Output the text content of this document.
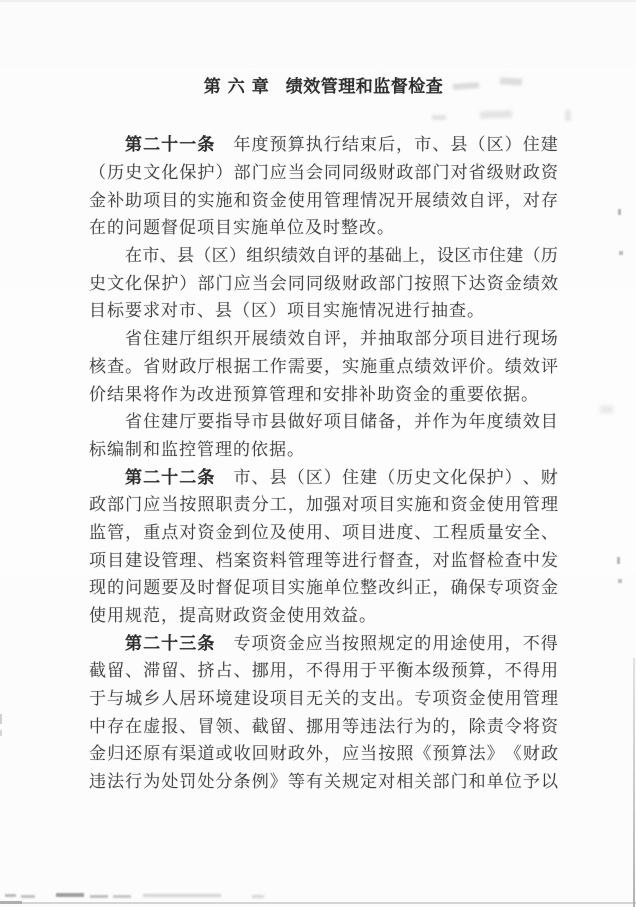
第六章 绩效管理和监督检查
第 二 十 一 条
　 年 度 预 算 执 行 结 束 后 ， 市 、 县 （ 区 ） 住 建
（ 历 史 文 化 保 护 ） 部 门 应 当 会 同 同 级 财 政 部 门 对 省 级 财 政 资
金 补 助 项 目 的 实 施 和 资 金 使 用 管 理 情 况 开 展 绩 效 自 评 ， 对 存
在 的 问 题 督 促 项 目 实 施 单 位 及 时 整 改 。
在 市 、 县 （ 区 ） 组 织 绩 效 自 评 的 基 础 上 ， 设 区 市 住 建 （ 历
史 文 化 保 护 ） 部 门 应 当 会 同 同 级 财 政 部 门 按 照 下 达 资 金 绩 效
目 标 要 求 对 市 、 县 （ 区 ） 项 目 实 施 情 况 进 行 抽 查 。
省 住 建 厅 组 织 开 展 绩 效 自 评 ， 并 抽 取 部 分 项 目 进 行 现 场
核 查 。 省 财 政 厅 根 据 工 作 需 要 ， 实 施 重 点 绩 效 评 价 。 绩 效 评
价 结 果 将 作 为 改 进 预 算 管 理 和 安 排 补 助 资 金 的 重 要 依 据 。
省 住 建 厅 要 指 导 市 县 做 好 项 目 储 备 ， 并 作 为 年 度 绩 效 目
标 编 制 和 监 控 管 理 的 依 据 。
第 二 十 二 条
　 市 、 县 （ 区 ） 住 建 （ 历 史 文 化 保 护 ） 、 财
政 部 门 应 当 按 照 职 责 分 工 ， 加 强 对 项 目 实 施 和 资 金 使 用 管 理
监 管 ， 重 点 对 资 金 到 位 及 使 用 、 项 目 进 度 、 工 程 质 量 安 全 、
项 目 建 设 管 理 、 档 案 资 料 管 理 等 进 行 督 查 ， 对 监 督 检 查 中 发
现 的 问 题 要 及 时 督 促 项 目 实 施 单 位 整 改 纠 正 ， 确 保 专 项 资 金
使 用 规 范 ， 提 高 财 政 资 金 使 用 效 益 。
第 二 十 三 条
　 专 项 资 金 应 当 按 照 规 定 的 用 途 使 用 ， 不 得
截 留 、 滞 留 、 挤 占 、 挪 用 ， 不 得 用 于 平 衡 本 级 预 算 ， 不 得 用
于 与 城 乡 人 居 环 境 建 设 项 目 无 关 的 支 出 。 专 项 资 金 使 用 管 理
中 存 在 虚 报 、 冒 领 、 截 留 、 挪 用 等 违 法 行 为 的 ， 除 责 令 将 资
金 归 还 原 有 渠 道 或 收 回 财 政 外 ， 应 当 按 照 《 预 算 法 》 《 财 政
违 法 行 为 处 罚 处 分 条 例 》 等 有 关 规 定 对 相 关 部 门 和 单 位 予 以
